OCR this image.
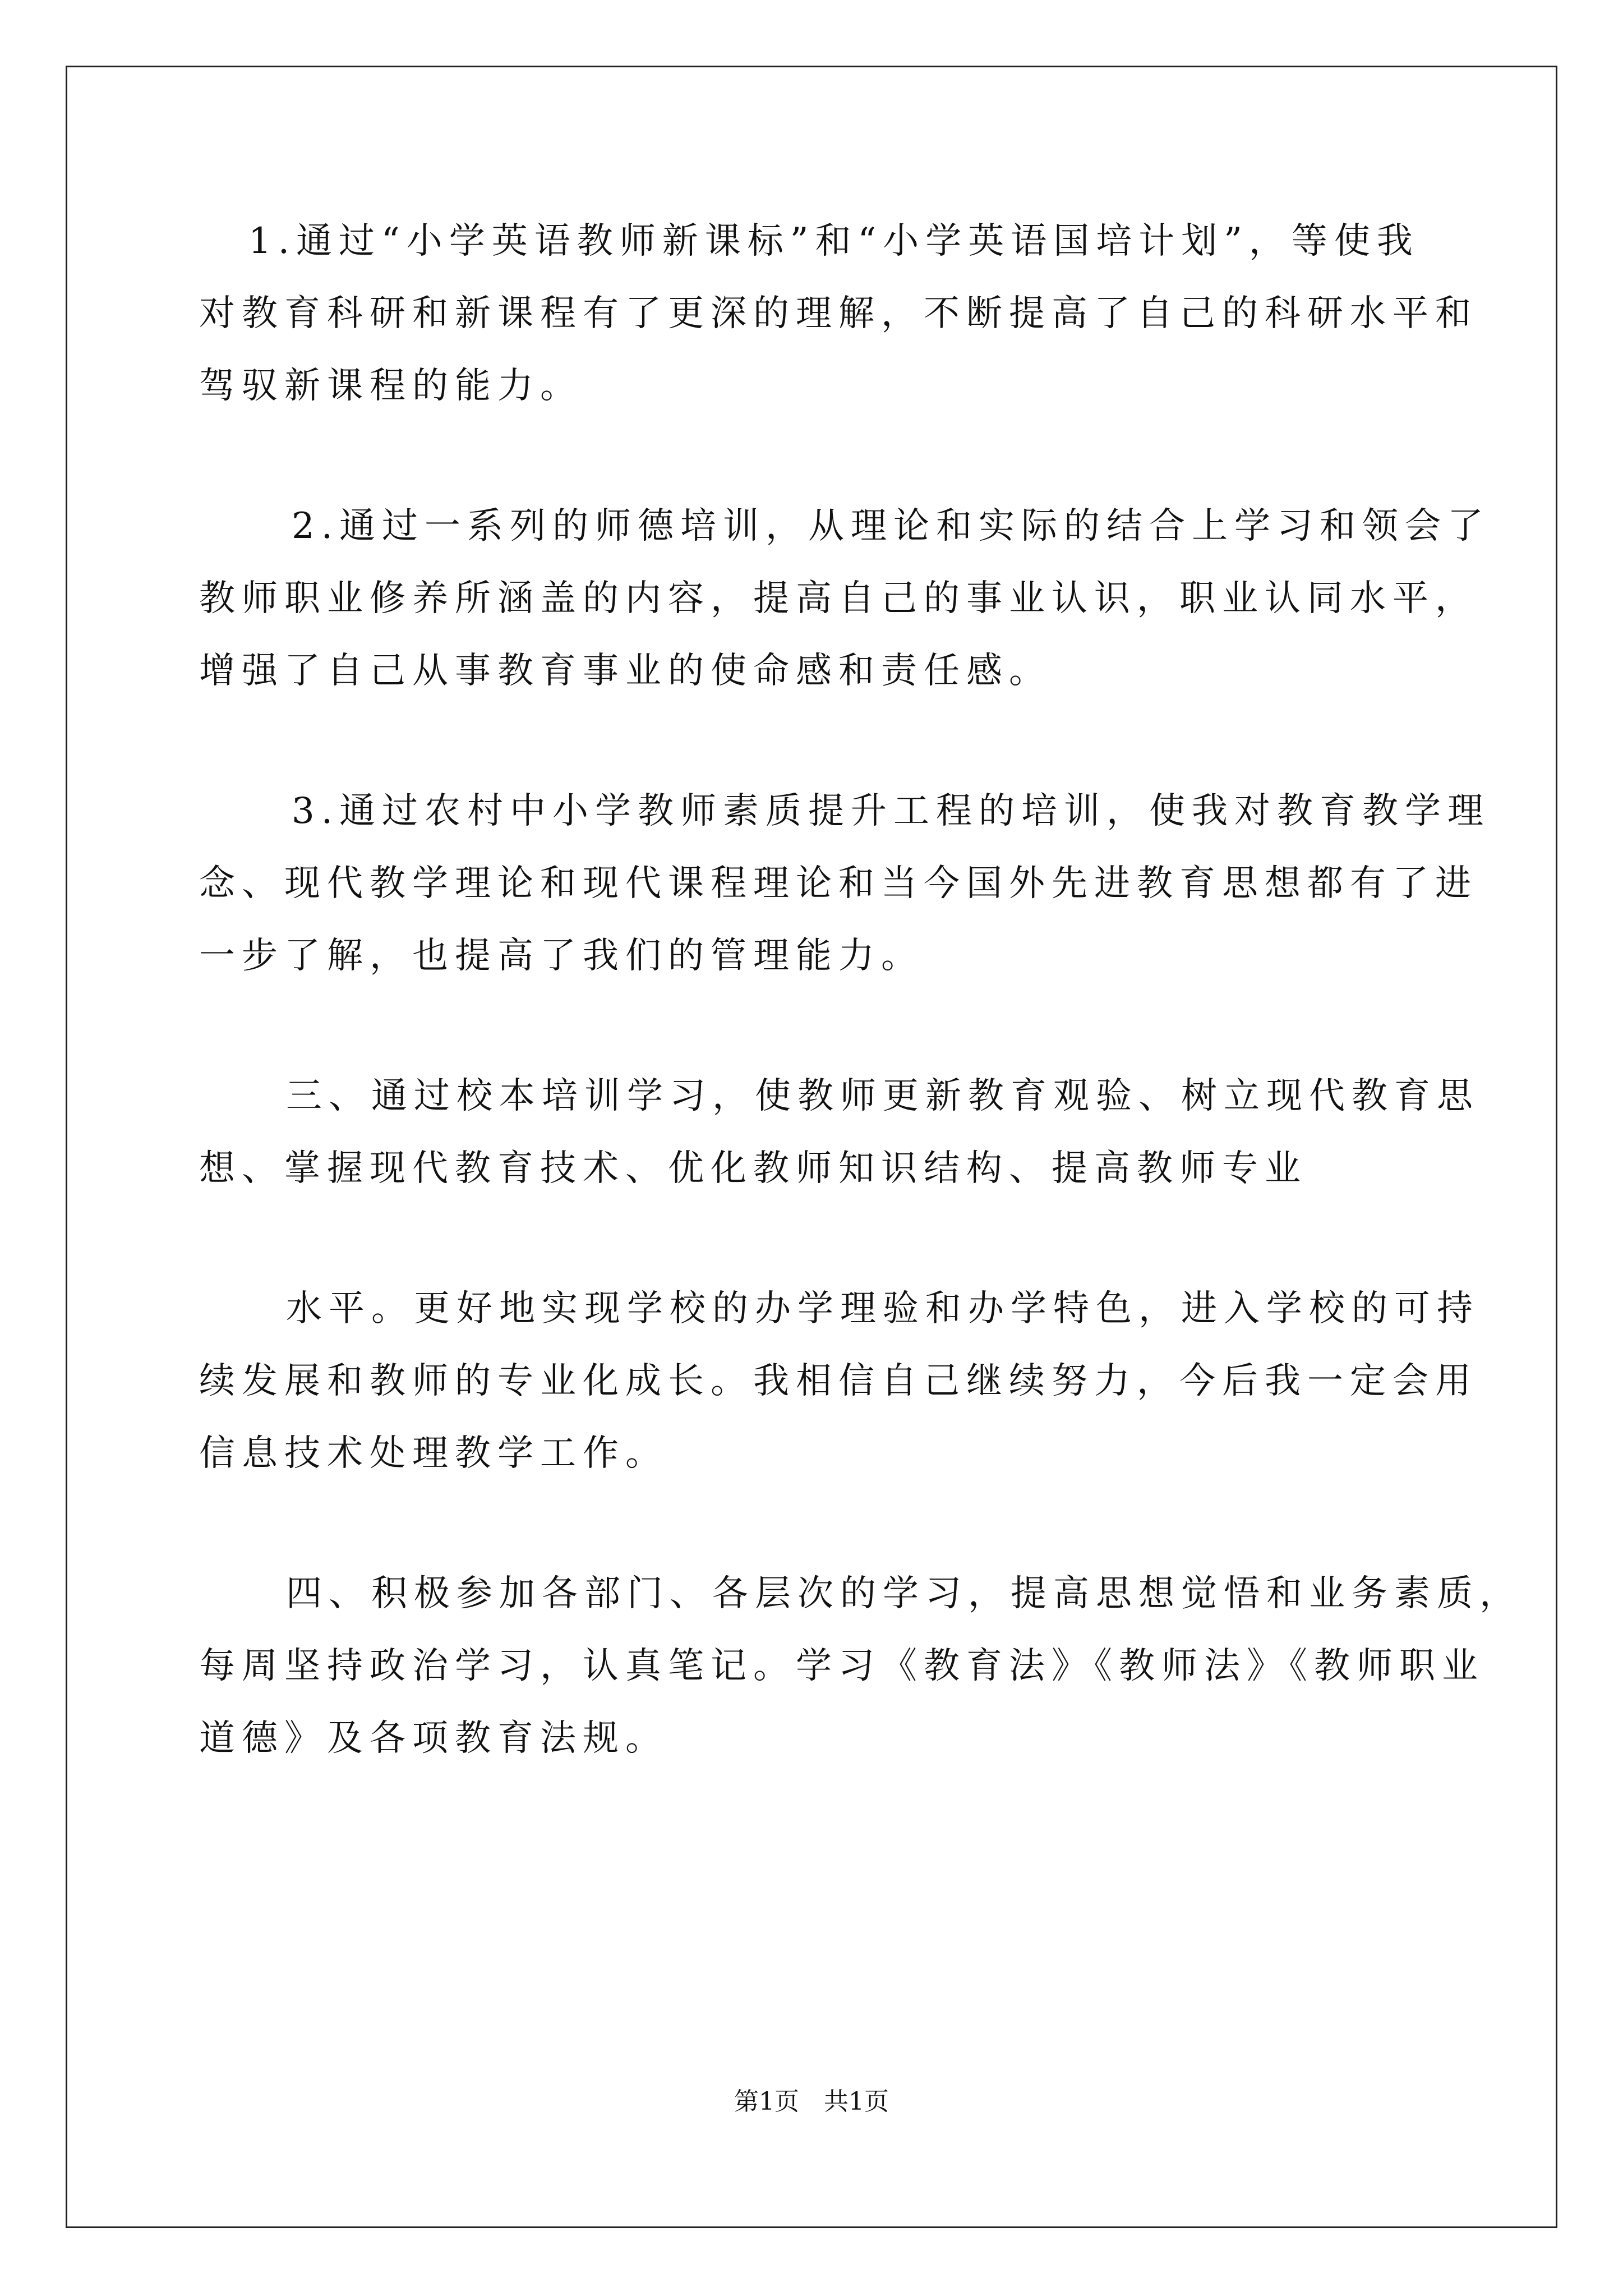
1.通过“小学英语教师新课标”和“小学英语国培计划”，等使我
对教育科研和新课程有了更深的理解，不断提高了自己的科研水平和
驾驭新课程的能力。
2.通过一系列的师德培训，从理论和实际的结合上学习和领会了
教师职业修养所涵盖的内容，提高自己的事业认识，职业认同水平，
增强了自己从事教育事业的使命感和责任感。
3.通过农村中小学教师素质提升工程的培训，使我对教育教学理
念、现代教学理论和现代课程理论和当今国外先进教育思想都有了进
一步了解，也提高了我们的管理能力。
三、通过校本培训学习，使教师更新教育观验、树立现代教育思
想、掌握现代教育技术、优化教师知识结构、提高教师专业
水平。更好地实现学校的办学理验和办学特色，进入学校的可持
续发展和教师的专业化成长。我相信自己继续努力，今后我一定会用
信息技术处理教学工作。
四、积极参加各部门、各层次的学习，提高思想觉悟和业务素质，
每周坚持政治学习，认真笔记。学习《教育法》《教师法》《教师职业
道德》及各项教育法规。
第1页　共1页
